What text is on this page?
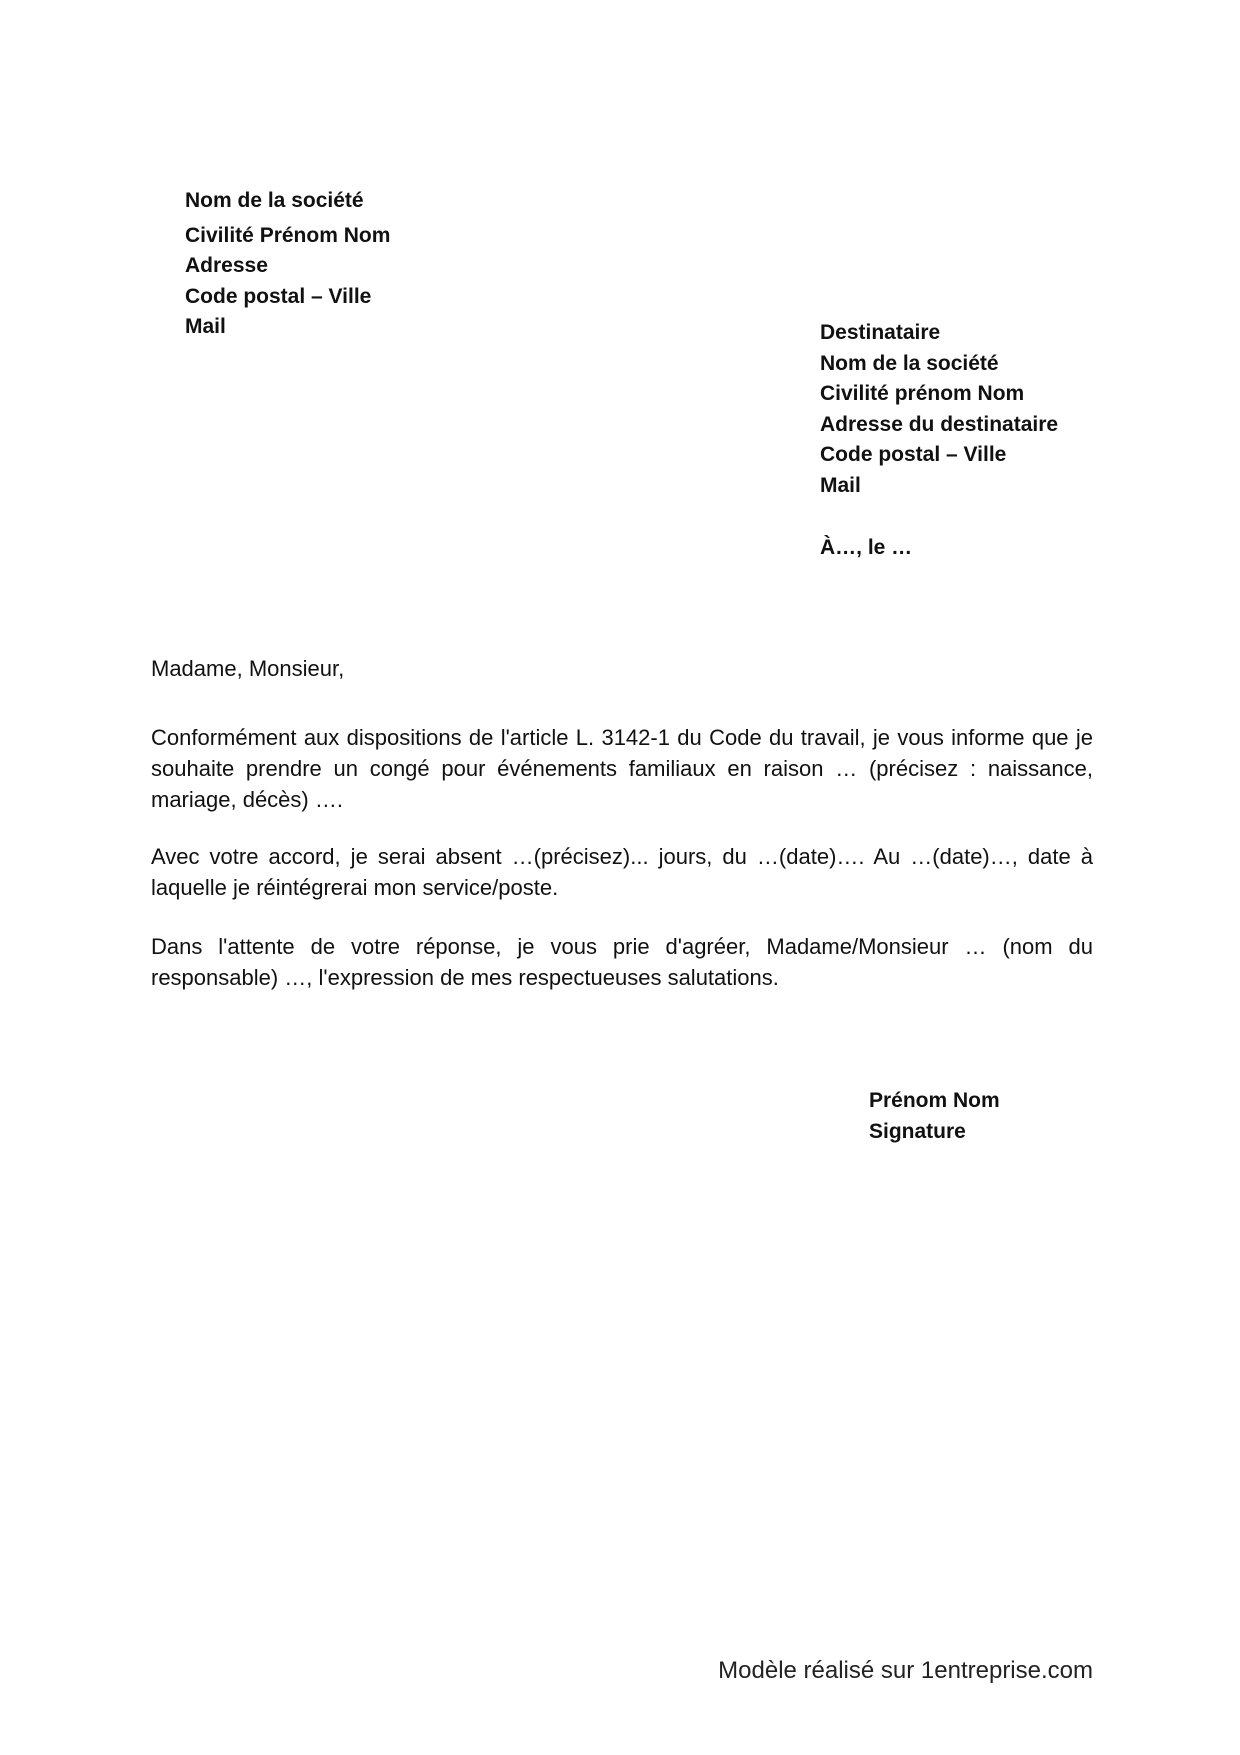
Nom de la société
Civilité Prénom Nom
Adresse
Code postal – Ville
Mail	Destinataire
Nom de la société
Civilité prénom Nom
Adresse du destinataire
Code postal – Ville
Mail
À…, le …
Madame, Monsieur,

Conformément aux dispositions de l'article L. 3142-1 du Code du travail, je vous informe que je souhaite prendre un congé pour événements familiaux en raison … (précisez : naissance, mariage, décès) ….

Avec votre accord, je serai absent …(précisez)... jours, du …(date)…. Au …(date)…, date à laquelle je réintégrerai mon service/poste.

Dans l'attente de votre réponse, je vous prie d'agréer, Madame/Monsieur … (nom du responsable) …, l'expression de mes respectueuses salutations.

Prénom Nom
Signature
Modèle réalisé sur 1entreprise.com
